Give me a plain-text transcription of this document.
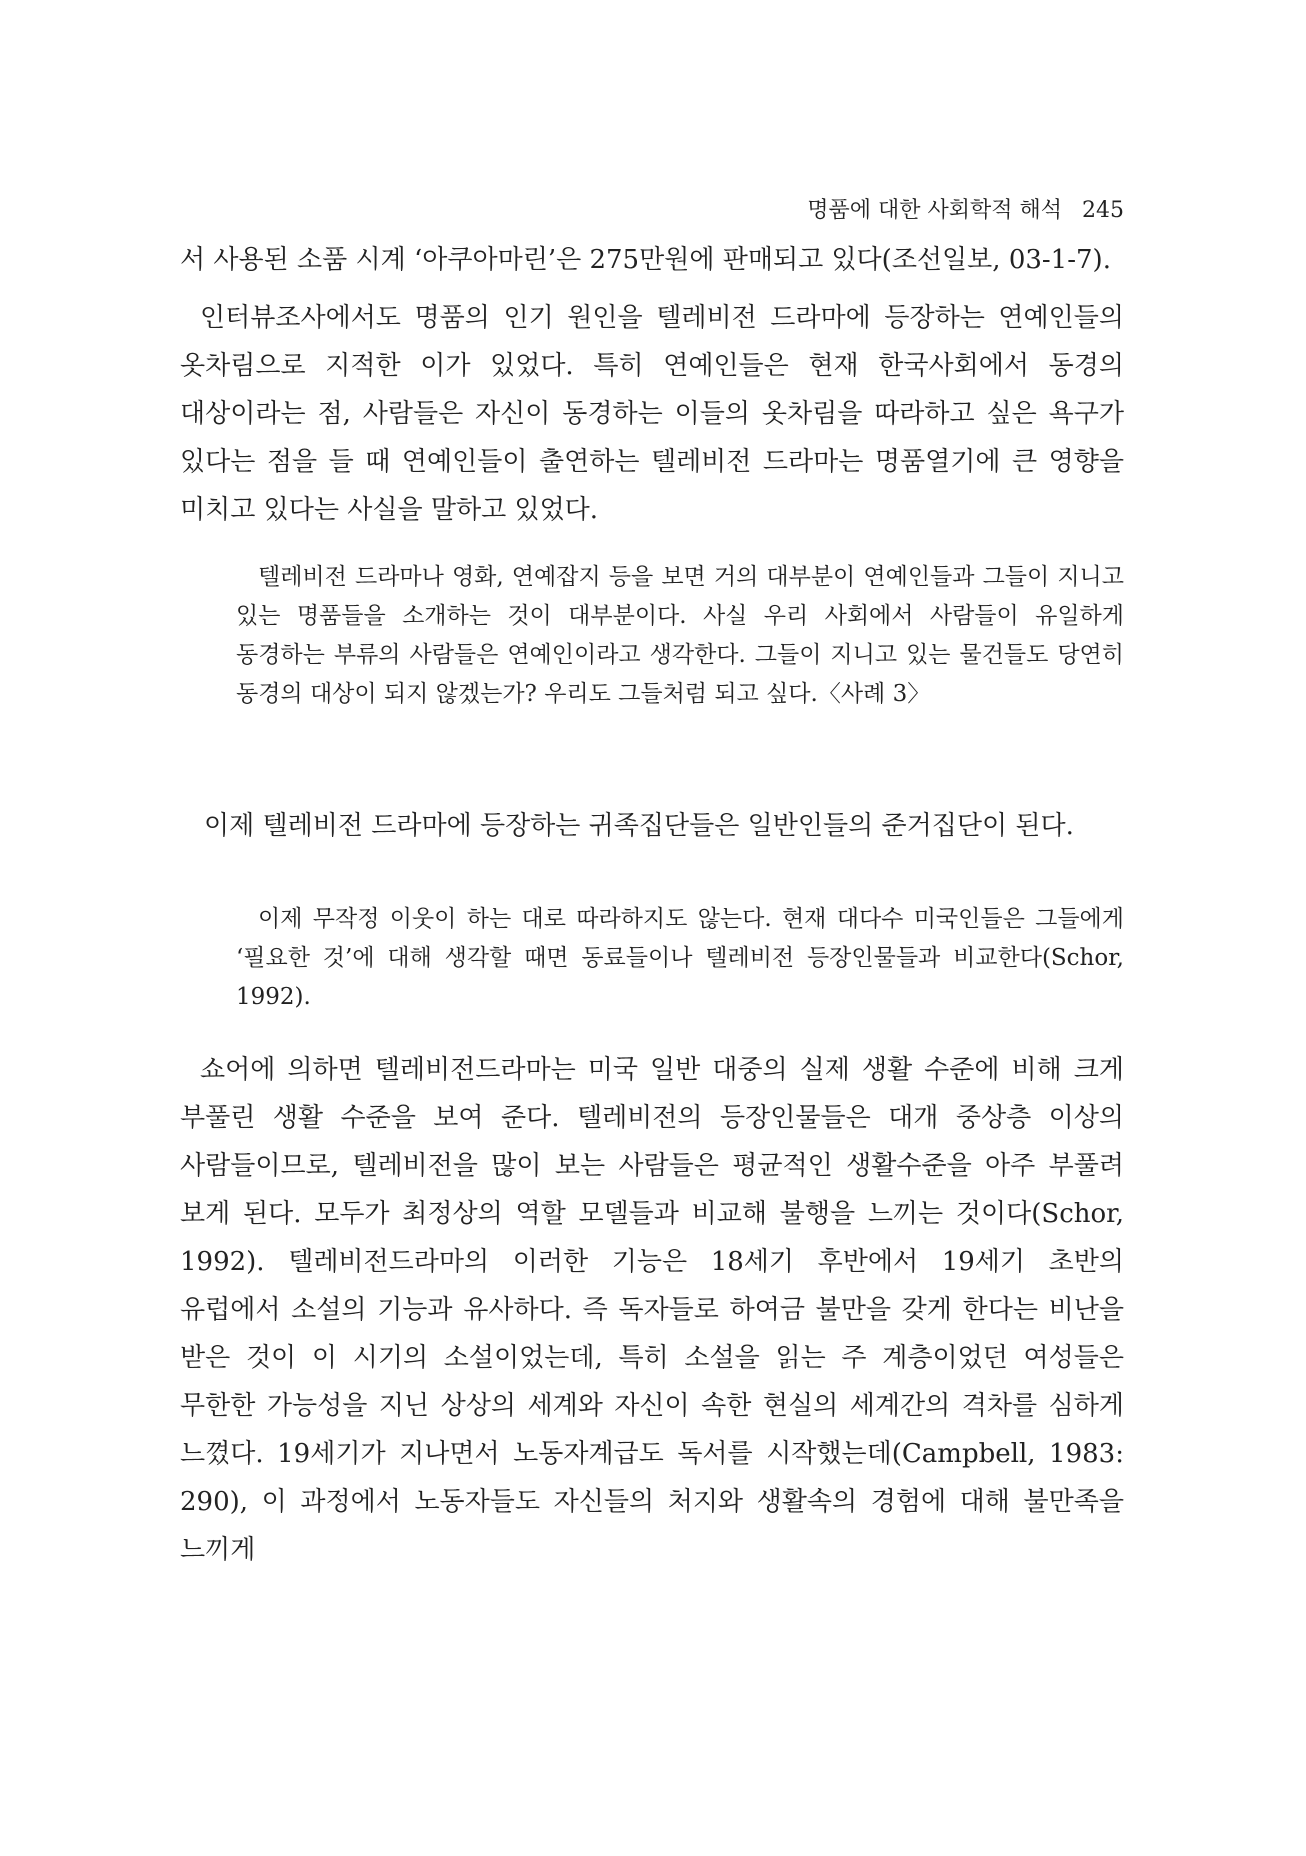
명품에 대한 사회학적 해석 245

서 사용된 소품 시계 ‘아쿠아마린’은 275만원에 판매되고 있다(조선일보, 03-1-7).

인터뷰조사에서도 명품의 인기 원인을 텔레비전 드라마에 등장하는 연예인들의 옷차림으로 지적한 이가 있었다. 특히 연예인들은 현재 한국사회에서 동경의 대상이라는 점, 사람들은 자신이 동경하는 이들의 옷차림을 따라하고 싶은 욕구가 있다는 점을 들 때 연예인들이 출연하는 텔레비전 드라마는 명품열기에 큰 영향을 미치고 있다는 사실을 말하고 있었다.

텔레비전 드라마나 영화, 연예잡지 등을 보면 거의 대부분이 연예인들과 그들이 지니고 있는 명품들을 소개하는 것이 대부분이다. 사실 우리 사회에서 사람들이 유일하게 동경하는 부류의 사람들은 연예인이라고 생각한다. 그들이 지니고 있는 물건들도 당연히 동경의 대상이 되지 않겠는가? 우리도 그들처럼 되고 싶다.〈사례 3〉

이제 텔레비전 드라마에 등장하는 귀족집단들은 일반인들의 준거집단이 된다.

이제 무작정 이웃이 하는 대로 따라하지도 않는다. 현재 대다수 미국인들은 그들에게 ‘필요한 것’에 대해 생각할 때면 동료들이나 텔레비전 등장인물들과 비교한다(Schor, 1992).

쇼어에 의하면 텔레비전드라마는 미국 일반 대중의 실제 생활 수준에 비해 크게 부풀린 생활 수준을 보여 준다. 텔레비전의 등장인물들은 대개 중상층 이상의 사람들이므로, 텔레비전을 많이 보는 사람들은 평균적인 생활수준을 아주 부풀려 보게 된다. 모두가 최정상의 역할 모델들과 비교해 불행을 느끼는 것이다(Schor, 1992). 텔레비전드라마의 이러한 기능은 18세기 후반에서 19세기 초반의 유럽에서 소설의 기능과 유사하다. 즉 독자들로 하여금 불만을 갖게 한다는 비난을 받은 것이 이 시기의 소설이었는데, 특히 소설을 읽는 주 계층이었던 여성들은 무한한 가능성을 지닌 상상의 세계와 자신이 속한 현실의 세계간의 격차를 심하게 느꼈다. 19세기가 지나면서 노동자계급도 독서를 시작했는데(Campbell, 1983: 290), 이 과정에서 노동자들도 자신들의 처지와 생활속의 경험에 대해 불만족을 느끼게
